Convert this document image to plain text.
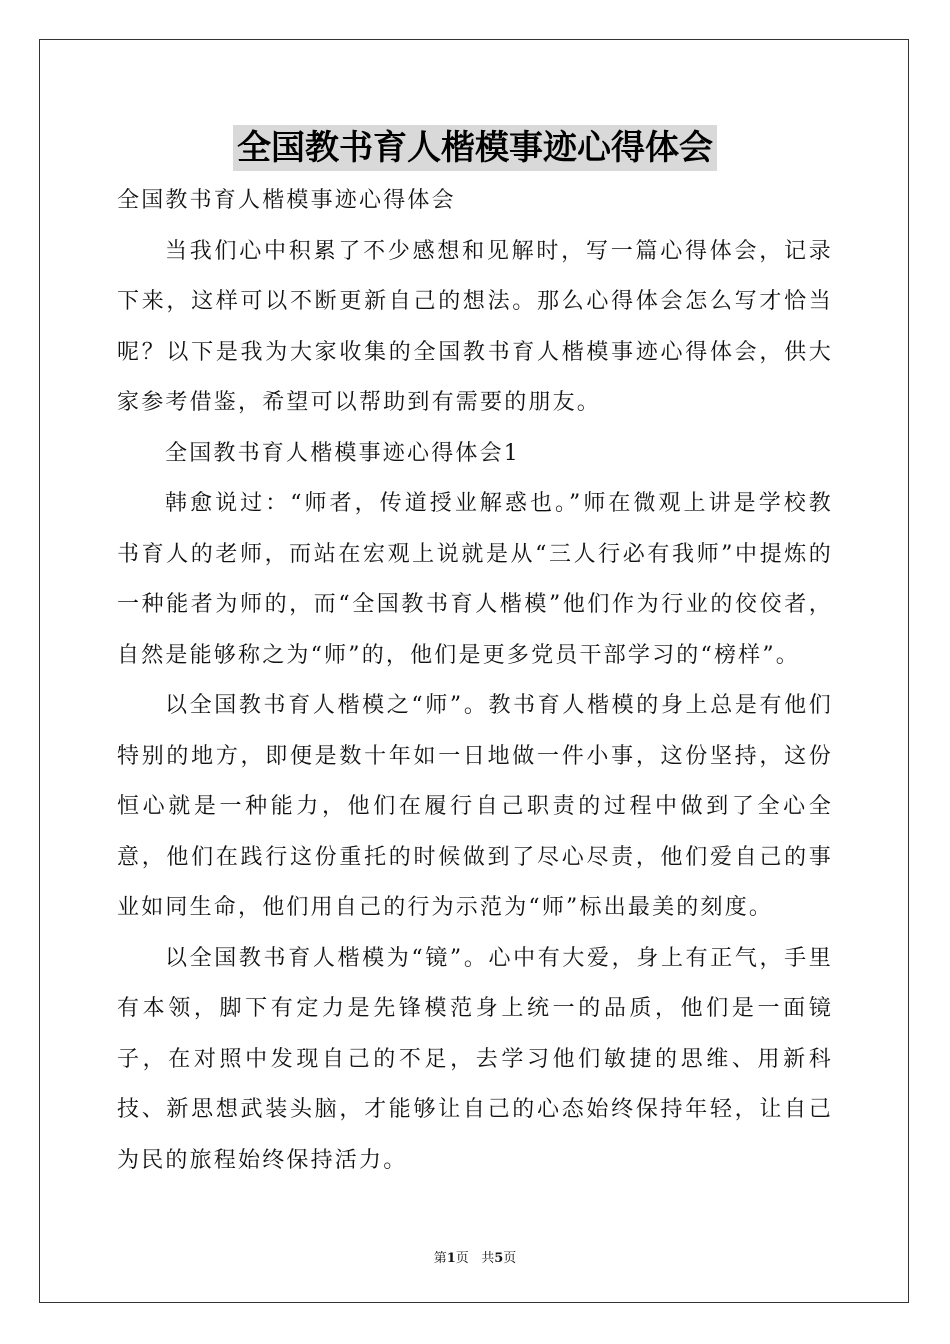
全国教书育人楷模事迹心得体会

全国教书育人楷模事迹心得体会

当我们心中积累了不少感想和见解时，写一篇心得体会，记录下来，这样可以不断更新自己的想法。那么心得体会怎么写才恰当呢？以下是我为大家收集的全国教书育人楷模事迹心得体会，供大家参考借鉴，希望可以帮助到有需要的朋友。

全国教书育人楷模事迹心得体会1

韩愈说过：“师者，传道授业解惑也。”师在微观上讲是学校教书育人的老师，而站在宏观上说就是从“三人行必有我师”中提炼的一种能者为师的，而“全国教书育人楷模”他们作为行业的佼佼者，自然是能够称之为“师”的，他们是更多党员干部学习的“榜样”。

以全国教书育人楷模之“师”。教书育人楷模的身上总是有他们特别的地方，即便是数十年如一日地做一件小事，这份坚持，这份恒心就是一种能力，他们在履行自己职责的过程中做到了全心全意，他们在践行这份重托的时候做到了尽心尽责，他们爱自己的事业如同生命，他们用自己的行为示范为“师”标出最美的刻度。

以全国教书育人楷模为“镜”。心中有大爱，身上有正气，手里有本领，脚下有定力是先锋模范身上统一的品质，他们是一面镜子，在对照中发现自己的不足，去学习他们敏捷的思维、用新科技、新思想武装头脑，才能够让自己的心态始终保持年轻，让自己为民的旅程始终保持活力。

第1页 共5页
